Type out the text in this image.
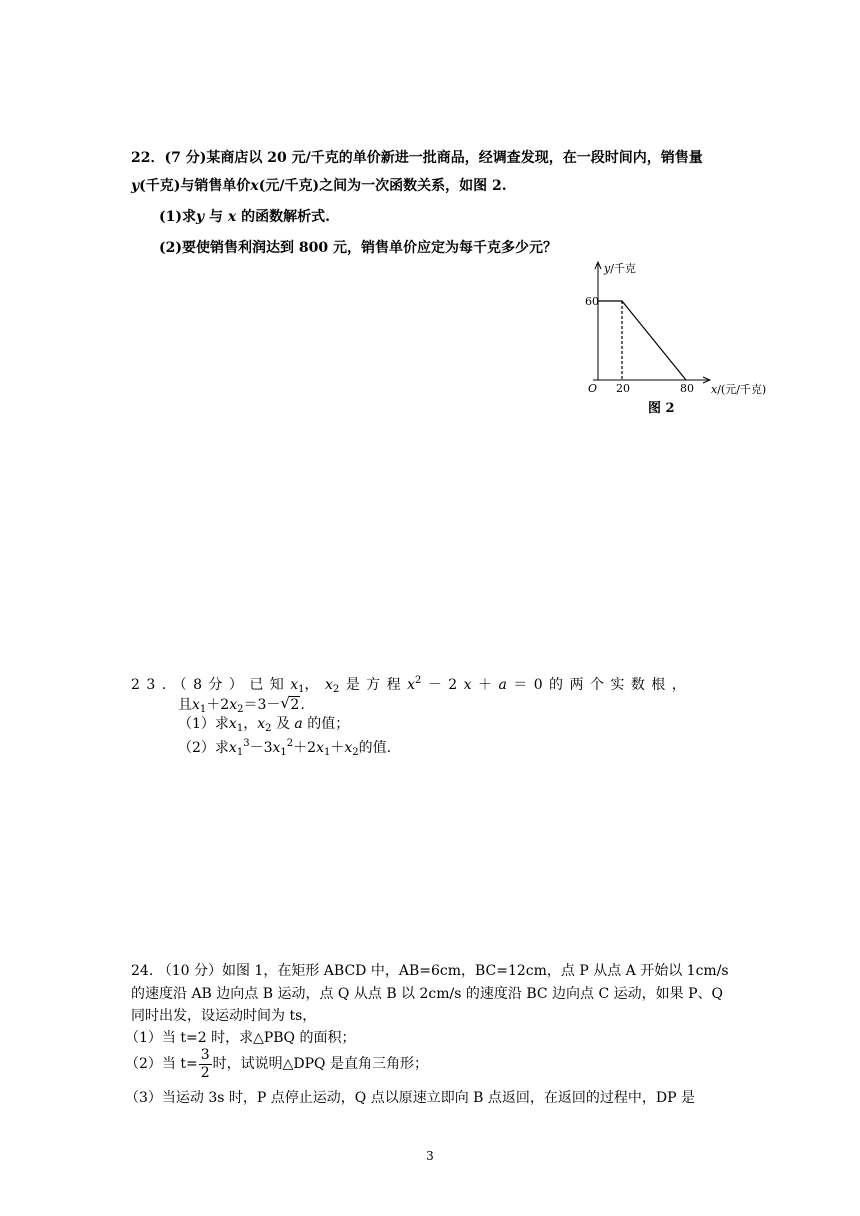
22．(7 分)某商店以 20 元/千克的单价新进一批商品，经调查发现，在一段时间内，销售量
y(千克)与销售单价x(元/千克)之间为一次函数关系，如图 2.
(1)求y 与 x 的函数解析式.
(2)要使销售利润达到 800 元，销售单价应定为每千克多少元？
y/千克
60
O 20	80 x/(元/千克)
图 2
2 3 . （ 8 分 ） 已 知 $x_1$， $x_2$ 是 方 程 $x^2 - 2$ x ＋ a ＝ 0 的 两 个 实 数 根 ，
且$x_1+2x_2=3-$ √ 2.
（1）求$x_1$，$x_2$ 及 a 的值；
（2）求$x_1^3-3x_1^2+2x_1+x_2$的值.
24. （10 分）如图 1，在矩形 ABCD 中，AB=6cm，BC=12cm，点 P 从点 A 开始以 1cm/s
的速度沿 AB 边向点 B 运动，点 Q 从点 B 以 2cm/s 的速度沿 BC 边向点 C 运动，如果 P、Q
同时出发，设运动时间为 ts，
（1）当 t=2 时，求△PBQ 的面积；
（2）当 $t= \frac{3}{2}$ 时，试说明△DPQ 是直角三角形；
（3）当运动 3s 时，P 点停止运动，Q 点以原速立即向 B 点返回，在返回的过程中，DP 是
3
